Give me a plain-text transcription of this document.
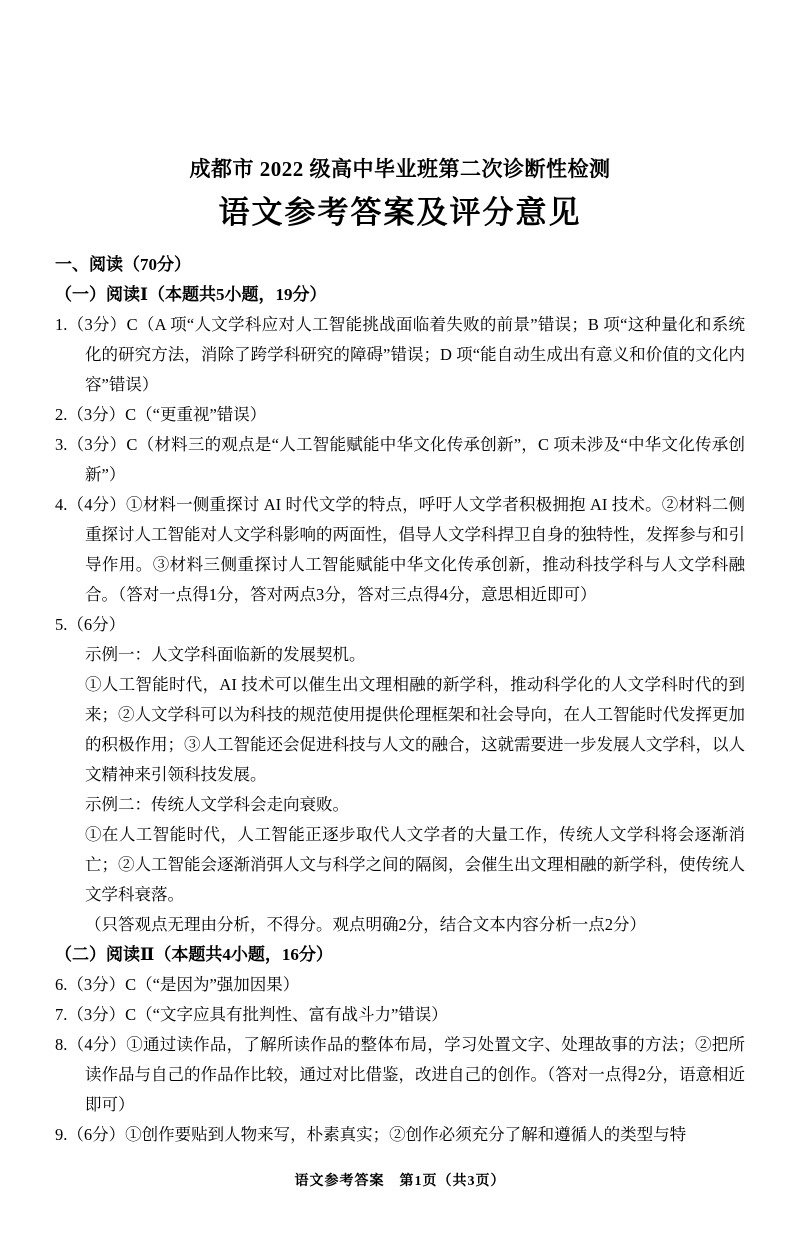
成都市 2022 级高中毕业班第二次诊断性检测
语文参考答案及评分意见
一、阅读（70分）
（一）阅读Ⅰ（本题共5小题，19分）
1.（3分）C（A 项“人文学科应对人工智能挑战面临着失败的前景”错误；B 项“这种量化和系统化的研究方法，消除了跨学科研究的障碍”错误；D 项“能自动生成出有意义和价值的文化内容”错误）
2.（3分）C（“更重视”错误）
3.（3分）C（材料三的观点是“人工智能赋能中华文化传承创新”，C 项未涉及“中华文化传承创新”）
4.（4分）①材料一侧重探讨 AI 时代文学的特点，呼吁人文学者积极拥抱 AI 技术。②材料二侧重探讨人工智能对人文学科影响的两面性，倡导人文学科捍卫自身的独特性，发挥参与和引导作用。③材料三侧重探讨人工智能赋能中华文化传承创新，推动科技学科与人文学科融合。（答对一点得1分，答对两点3分，答对三点得4分，意思相近即可）
5.（6分）
示例一：人文学科面临新的发展契机。
①人工智能时代，AI 技术可以催生出文理相融的新学科，推动科学化的人文学科时代的到来；②人文学科可以为科技的规范使用提供伦理框架和社会导向，在人工智能时代发挥更加的积极作用；③人工智能还会促进科技与人文的融合，这就需要进一步发展人文学科，以人文精神来引领科技发展。
示例二：传统人文学科会走向衰败。
①在人工智能时代，人工智能正逐步取代人文学者的大量工作，传统人文学科将会逐渐消亡；②人工智能会逐渐消弭人文与科学之间的隔阂，会催生出文理相融的新学科，使传统人文学科衰落。
（只答观点无理由分析，不得分。观点明确2分，结合文本内容分析一点2分）
（二）阅读Ⅱ（本题共4小题，16分）
6.（3分）C（“是因为”强加因果）
7.（3分）C（“文字应具有批判性、富有战斗力”错误）
8.（4分）①通过读作品，了解所读作品的整体布局，学习处置文字、处理故事的方法；②把所读作品与自己的作品作比较，通过对比借鉴，改进自己的创作。（答对一点得2分，语意相近即可）
9.（6分）①创作要贴到人物来写，朴素真实；②创作必须充分了解和遵循人的类型与特
语文参考答案　第1页（共3页）
